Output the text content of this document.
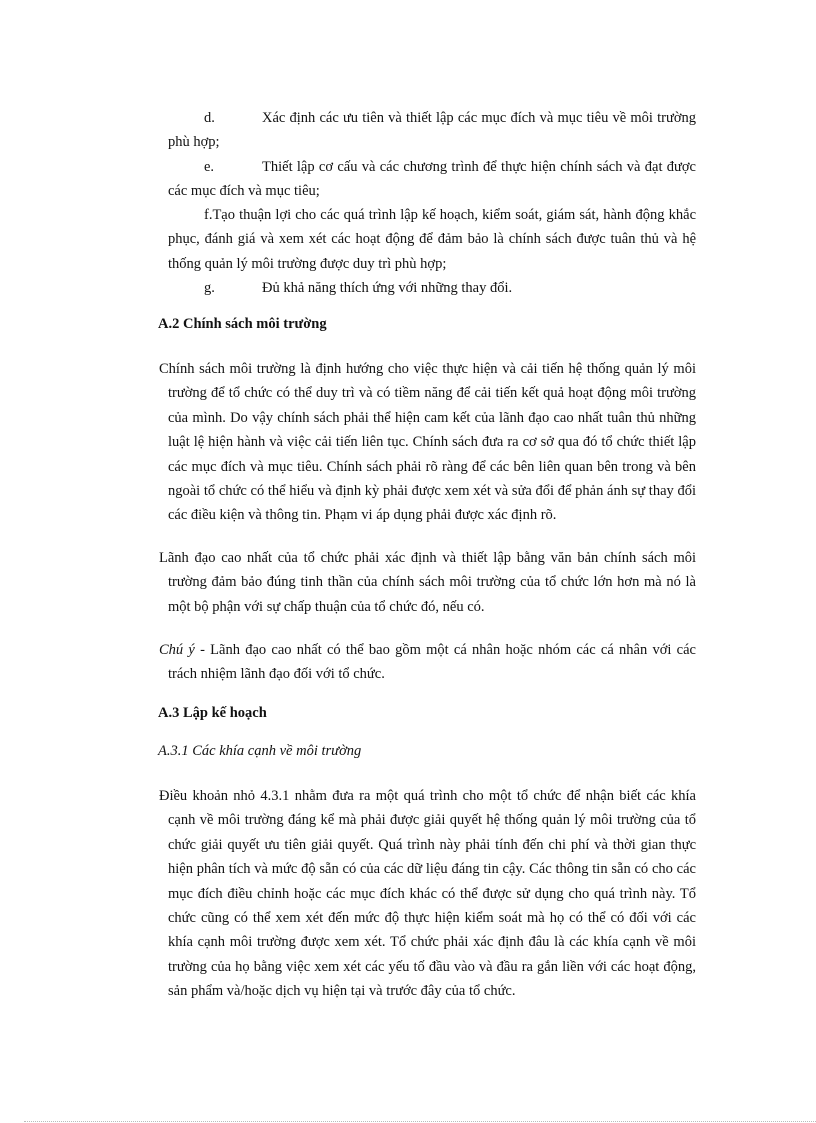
d.	Xác định các ưu tiên và thiết lập các mục đích và mục tiêu về môi trường phù hợp;
e.	Thiết lập cơ cấu và các chương trình để thực hiện chính sách và đạt được các mục đích và mục tiêu;
f.Tạo thuận lợi cho các quá trình lập kế hoạch, kiểm soát, giám sát, hành động khắc phục, đánh giá và xem xét các hoạt động để đảm bảo là chính sách được tuân thủ và hệ thống quản lý môi trường được duy trì phù hợp;
g.	Đủ khả năng thích ứng với những thay đổi.
A.2 Chính sách môi trường
Chính sách môi trường là định hướng cho việc thực hiện và cải tiến hệ thống quản lý môi trường để tổ chức có thể duy trì và có tiềm năng để cải tiến kết quả hoạt động môi trường của mình. Do vậy chính sách phải thể hiện cam kết của lãnh đạo cao nhất tuân thủ những luật lệ hiện hành và việc cải tiến liên tục. Chính sách đưa ra cơ sở qua đó tổ chức thiết lập các mục đích và mục tiêu. Chính sách phải rõ ràng để các bên liên quan bên trong và bên ngoài tổ chức có thể hiểu và định kỳ phải được xem xét và sửa đổi để phản ánh sự thay đổi các điều kiện và thông tin. Phạm vi áp dụng phải được xác định rõ.
Lãnh đạo cao nhất của tổ chức phải xác định và thiết lập bằng văn bản chính sách môi trường đảm bảo đúng tinh thần của chính sách môi trường của tổ chức lớn hơn mà nó là một bộ phận với sự chấp thuận của tổ chức đó, nếu có.
Chú ý - Lãnh đạo cao nhất có thể bao gồm một cá nhân hoặc nhóm các cá nhân với các trách nhiệm lãnh đạo đối với tổ chức.
A.3 Lập kế hoạch
A.3.1 Các khía cạnh về môi trường
Điều khoản nhỏ 4.3.1 nhằm đưa ra một quá trình cho một tổ chức để nhận biết các khía cạnh về môi trường đáng kể mà phải được giải quyết hệ thống quản lý môi trường của tổ chức giải quyết ưu tiên giải quyết. Quá trình này phải tính đến chi phí và thời gian thực hiện phân tích và mức độ sẵn có của các dữ liệu đáng tin cậy. Các thông tin sẵn có cho các mục đích điều chỉnh hoặc các mục đích khác có thể được sử dụng cho quá trình này. Tổ chức cũng có thể xem xét đến mức độ thực hiện kiểm soát mà họ có thể có đối với các khía cạnh môi trường được xem xét. Tổ chức phải xác định đâu là các khía cạnh về môi trường của họ bằng việc xem xét các yếu tố đầu vào và đầu ra gắn liền với các hoạt động, sản phẩm và/hoặc dịch vụ hiện tại và trước đây của tổ chức.
